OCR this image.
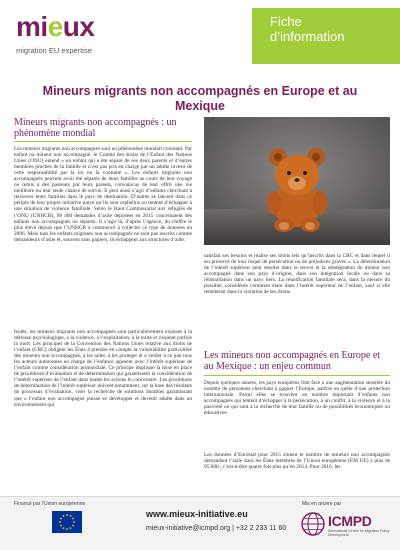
mieux
migration EU expertise
Fiche
d’information
Mineurs migrants non accompagnés en Europe et au
Mexique
Mineurs migrants non accompagnés : un phénomène mondial
Les mineurs migrants non accompagnés sont un phénomène mondial croissant. Par enfant ou mineur non accompagné, le Comité des droits de l’Enfant des Nations Unies (ONU) entend « un enfant qui a été séparé de ses deux parents et d’autres membres proches de la famille et n’est pas pris en charge par un adulte investi de cette responsabilité par la loi ou la coutume ». Les enfants migrants non accompagnés peuvent avoir été séparés de leurs familles au cours de leur voyage ou remis à des passeurs par leurs parents, convaincus de leur offrir une vie meilleure ou leur seule chance de survie. Il peut aussi s’agir d’enfants cherchant à retrouver leurs familles dans le pays de destination. D’autres se lancent dans ce périple de leur propre initiative parce qu’ils sont orphelins ou tentent d’échapper à une situation de violence familiale. Selon le Haut Commissariat aux réfugiés de l’ONU (UNHCR), 98 400 demandes d’asile déposées en 2015 concernaient des enfants non accompagnés ou séparés. Il s’agit là, d’après l’agence, du chiffre le plus élevé depuis que l’UNHCR a commencé à collecter ce type de données en 2006. Mais tous les enfants migrants non accompagnés ne sont pas inscrits comme demandeurs d’asile et, souvent sans papiers, ils échappent aux structures d’aide.
Isolés, les mineurs migrants non accompagnés sont particulièrement exposés à la détresse psychologique, à la violence, à l’exploitation, à la traite et risquent parfois la mort. Les principes de la Convention des Nations Unies relative aux droits de l’enfant (CRC) obligent les États à prendre en compte la vulnérabilité particulière des mineurs non accompagnés, à les aider, à les protéger et à veiller à ce que tous les acteurs autonomes en charge de l’enfance agissent avec l’intérêt supérieur de l’enfant comme considération primordiale. Ce principe implique la mise en place de procédures d’évaluation et de détermination qui garantissent la considération de l’intérêt supérieur de l’enfant dans toutes les actions le concernant. Les procédures de détermination de l’intérêt supérieur doivent notamment, sur la base des résultats du processus d’évaluation, viser la recherche de solutions durables garantissant que « l’enfant non accompagné puisse se développer et devenir adulte dans un environnement qui
satisfait ses besoins et réalise ses droits tels qu’inscrits dans la CRC et dans lequel il est préservé de tout risque de persécution ou de préjudices graves ». La détermination de l’intérêt supérieur peut résulter dans le renvoi et la réintégration du mineur non accompagné dans son pays d’origine, dans son intégration locale ou dans sa réinstallation dans un pays tiers. La réunification familiale sera, dans la mesure du possible, considérée comment étant dans l’intérêt supérieur de l’enfant, sauf si elle reméterait dans la violation de ses droits.
Les mineurs non accompagnés en Europe et au Mexique : un enjeu commun
Depuis quelques années, les pays européens font face à une augmentation sensible du nombre de personnes cherchant à gagner l’Europe, parfois en quête d’une protection internationale. Parmi elles se trouvent un nombre important d’enfants non accompagnés qui tentent d’échapper à la persécution, à un conflit, à la violence et à la pauvreté ou qui sont à la recherche de leur famille ou de possibilités économiques ou éducatives.
Les données d’Eurostat pour 2015 situent le nombre de mineurs non accompagnés demandant l’asile dans les États membres de l’Union européenne (EM UE) à plus de 95 000 ; c’est-à-dire quatre fois plus qu’en 2014. Pour 2016, les
Financé par l’Union européenne
www.mieux-initiative.eu
mieux-initiative@icmpd.org | +32 2 233 11 60
Mis en œuvre par
ICMPD
International Centre for Migration Policy Development
